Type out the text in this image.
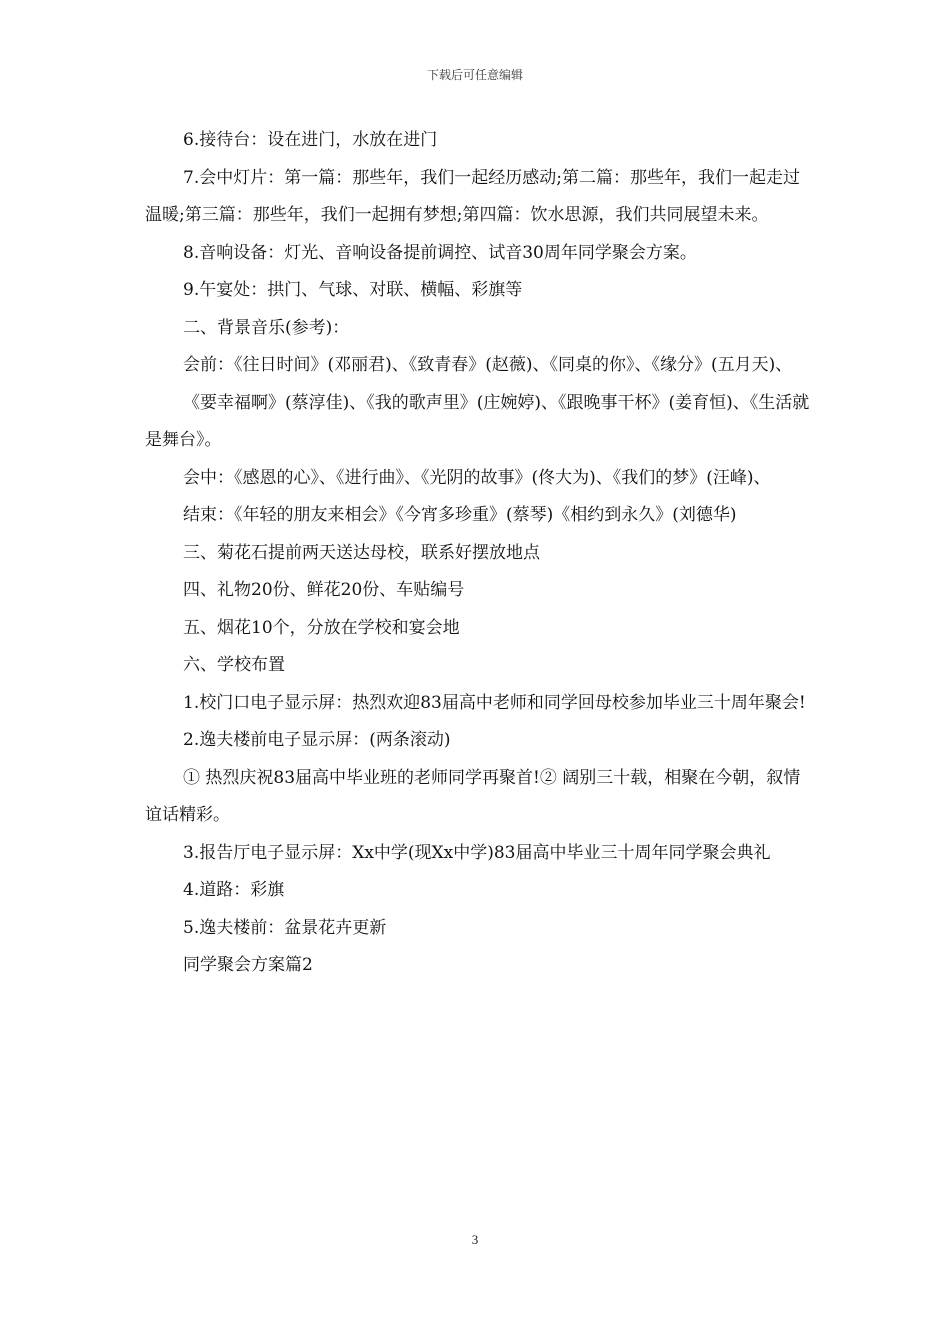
下载后可任意编辑

6.接待台：设在进门，水放在进门

7.会中灯片：第一篇：那些年，我们一起经历感动;第二篇：那些年，我们一起走过温暖;第三篇：那些年，我们一起拥有梦想;第四篇：饮水思源，我们共同展望未来。

8.音响设备：灯光、音响设备提前调控、试音30周年同学聚会方案。

9.午宴处：拱门、气球、对联、横幅、彩旗等

二、背景音乐(参考)：

会前：《往日时间》(邓丽君)、《致青春》(赵薇)、《同桌的你》、《缘分》(五月天)、

《要幸福啊》(蔡淳佳)、《我的歌声里》(庄婉婷)、《跟晚事干杯》(姜育恒)、《生活就是舞台》。

会中：《感恩的心》、《进行曲》、《光阴的故事》(佟大为)、《我们的梦》(汪峰)、

结束：《年轻的朋友来相会》《今宵多珍重》(蔡琴)《相约到永久》(刘德华)

三、菊花石提前两天送达母校，联系好摆放地点

四、礼物20份、鲜花20份、车贴编号

五、烟花10个，分放在学校和宴会地

六、学校布置

1.校门口电子显示屏：热烈欢迎83届高中老师和同学回母校参加毕业三十周年聚会!

2.逸夫楼前电子显示屏：(两条滚动)

① 热烈庆祝83届高中毕业班的老师同学再聚首!② 阔别三十载，相聚在今朝，叙情谊话精彩。

3.报告厅电子显示屏：Xx中学(现Xx中学)83届高中毕业三十周年同学聚会典礼

4.道路：彩旗

5.逸夫楼前：盆景花卉更新

同学聚会方案篇2

3
